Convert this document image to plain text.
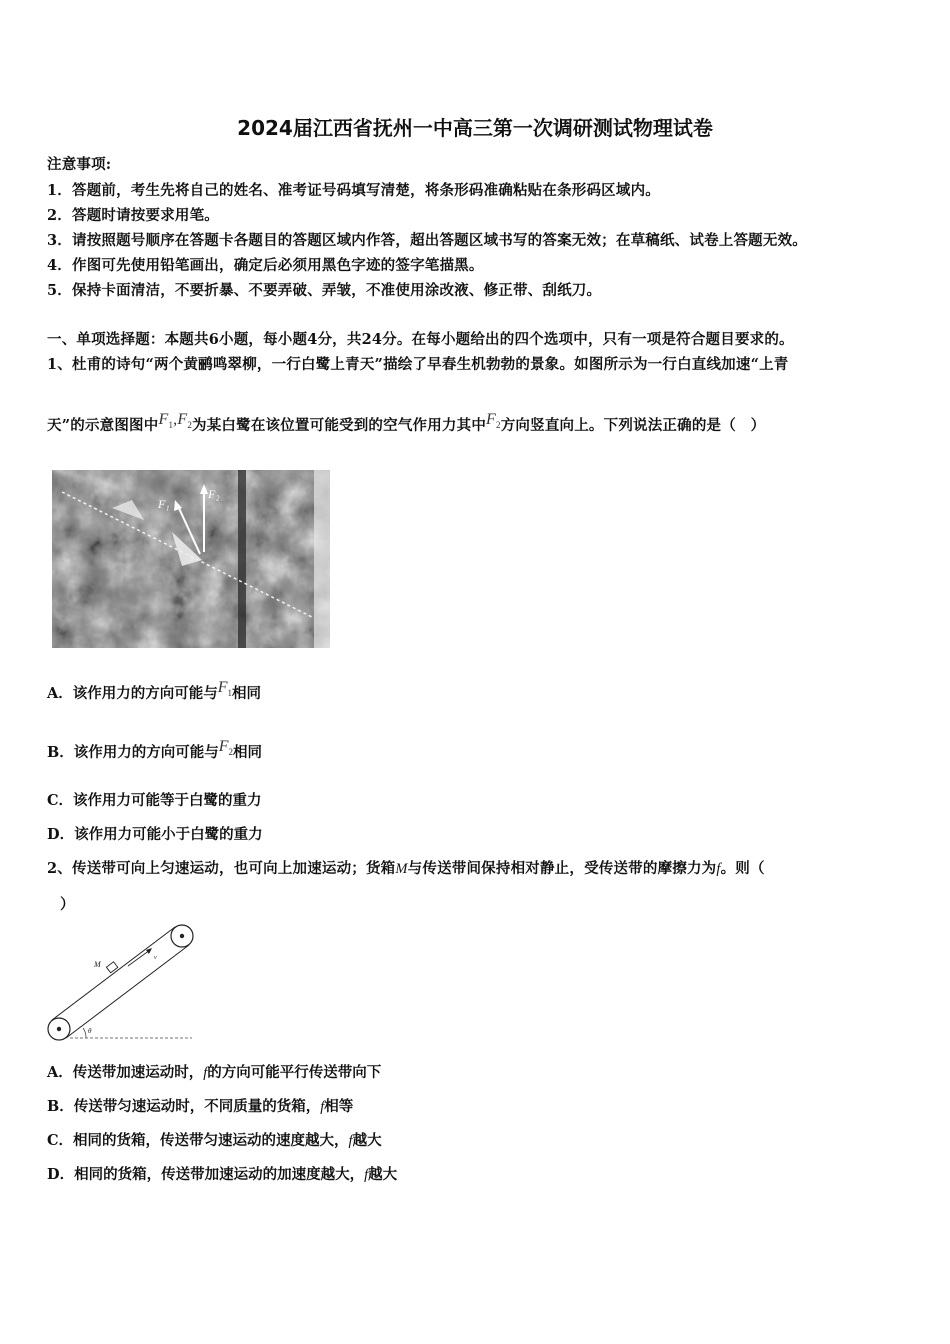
2024届江西省抚州一中高三第一次调研测试物理试卷
注意事项:
1．答题前，考生先将自己的姓名、准考证号码填写清楚，将条形码准确粘贴在条形码区域内。
2．答题时请按要求用笔。
3．请按照题号顺序在答题卡各题目的答题区域内作答，超出答题区域书写的答案无效；在草稿纸、试卷上答题无效。
4．作图可先使用铅笔画出，确定后必须用黑色字迹的签字笔描黑。
5．保持卡面清洁，不要折暴、不要弄破、弄皱，不准使用涂改液、修正带、刮纸刀。
一、单项选择题：本题共6小题，每小题4分，共24分。在每小题给出的四个选项中，只有一项是符合题目要求的。
1、杜甫的诗句“两个黄鹂鸣翠柳，一行白鹭上青天”描绘了早春生机勃勃的景象。如图所示为一行白直线加速“上青
天”的示意图图中$F_1,F_2$为某白鹭在该位置可能受到的空气作用力其中$F_2$方向竖直向上。下列说法正确的是（　）
F₁
F₂
A．该作用力的方向可能与$F_1$相同
B．该作用力的方向可能与$F_2$相同
C．该作用力可能等于白鹭的重力
D．该作用力可能小于白鹭的重力
2、传送带可向上匀速运动，也可向上加速运动；货箱M与传送带间保持相对静止，受传送带的摩擦力为f。则（
）
M
v
θ
A．传送带加速运动时，f的方向可能平行传送带向下
B．传送带匀速运动时，不同质量的货箱，f相等
C．相同的货箱，传送带匀速运动的速度越大，f越大
D．相同的货箱，传送带加速运动的加速度越大，f越大
